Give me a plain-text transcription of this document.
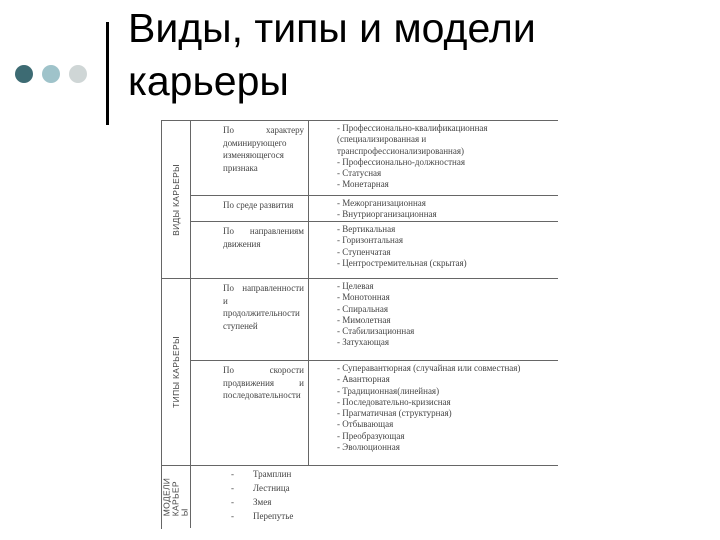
Виды, типы и модели
карьеры
ВИДЫ КАРЬЕРЫ
ТИПЫ КАРЬЕРЫ
МОДЕЛИ КАРЬЕР Ы
По характеру доминирующего изменяющегося признака
- Профессионально-квалификационная (специализированная и транспрофессионализированная)
- Профессионально-должностная
- Статусная
- Монетарная
По среде развития	- Межорганизационная
- Внутриорганизационная
По направлениям движения
- Вертикальная
- Горизонтальная
- Ступенчатая
- Центростремительная (скрытая)
По направленности и продолжительности ступеней
- Целевая
- Монотонная
- Спиральная
- Мимолетная
- Стабилизационная
- Затухающая
По скорости продвижения и последовательности
- Суперавантюрная (случайная или совместная)
- Авантюрная
- Традиционная(линейная)
- Последовательно-кризисная
- Прагматичная (структурная)
- Отбывающая
- Преобразующая
- Эволюционная
- Трамплин
- Лестница
- Змея
- Перепутье
